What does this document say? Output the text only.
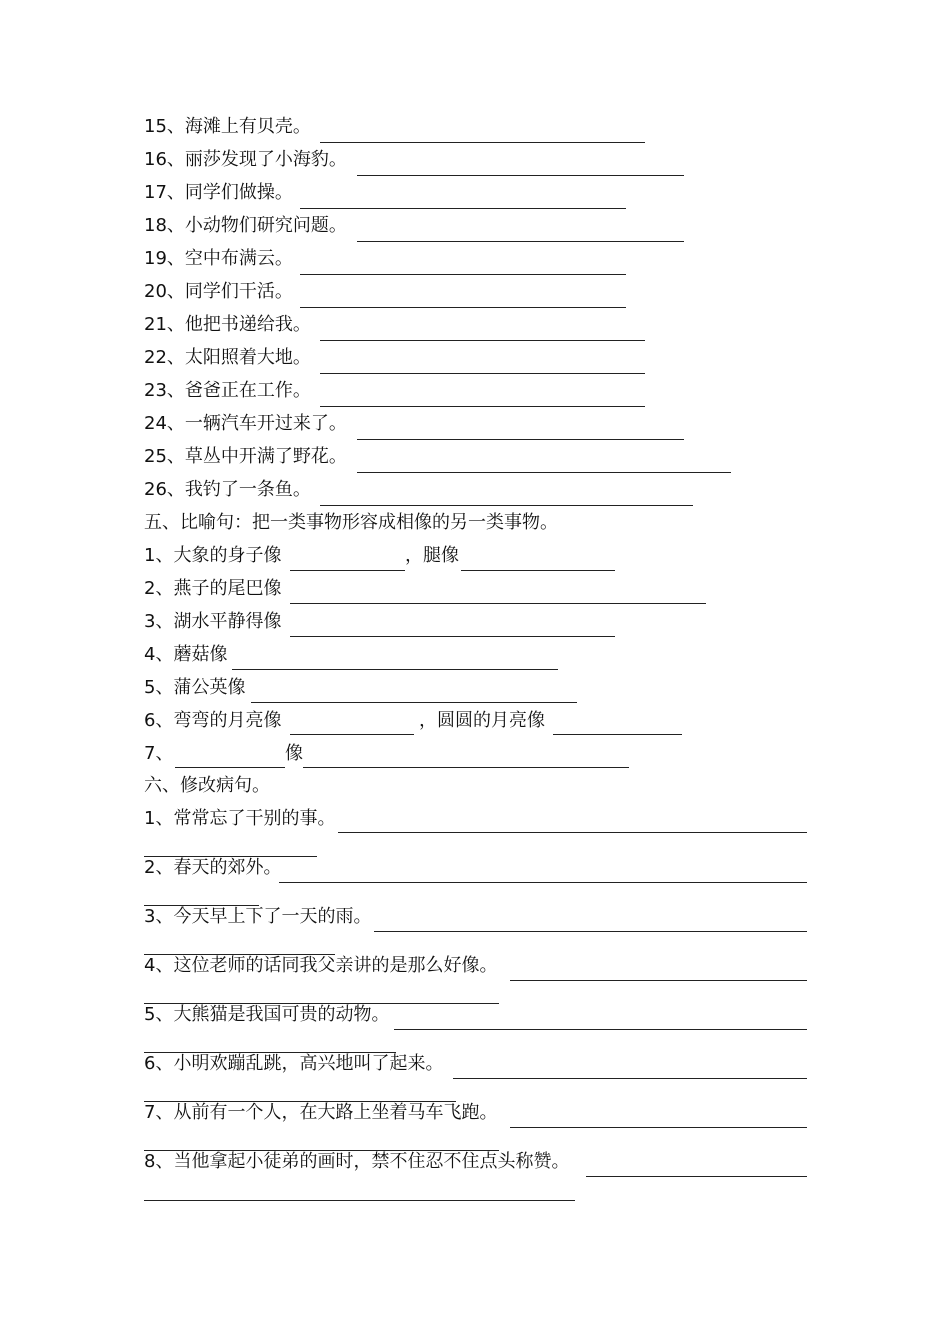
15、海滩上有贝壳。
16、丽莎发现了小海豹。
17、同学们做操。
18、小动物们研究问题。
19、空中布满云。
20、同学们干活。
21、他把书递给我。
22、太阳照着大地。
23、爸爸正在工作。
24、一辆汽车开过来了。
25、草丛中开满了野花。
26、我钓了一条鱼。
五、比喻句：把一类事物形容成相像的另一类事物。
1、大象的身子像	，腿像
2、燕子的尾巴像
3、湖水平静得像
4、蘑菇像
5、蒲公英像
6、弯弯的月亮像	，圆圆的月亮像
7、	像
六、修改病句。
1、常常忘了干别的事。
2、春天的郊外。
3、今天早上下了一天的雨。
4、这位老师的话同我父亲讲的是那么好像。
5、大熊猫是我国可贵的动物。
6、小明欢蹦乱跳，高兴地叫了起来。
7、从前有一个人，在大路上坐着马车飞跑。
8、当他拿起小徒弟的画时，禁不住忍不住点头称赞。
